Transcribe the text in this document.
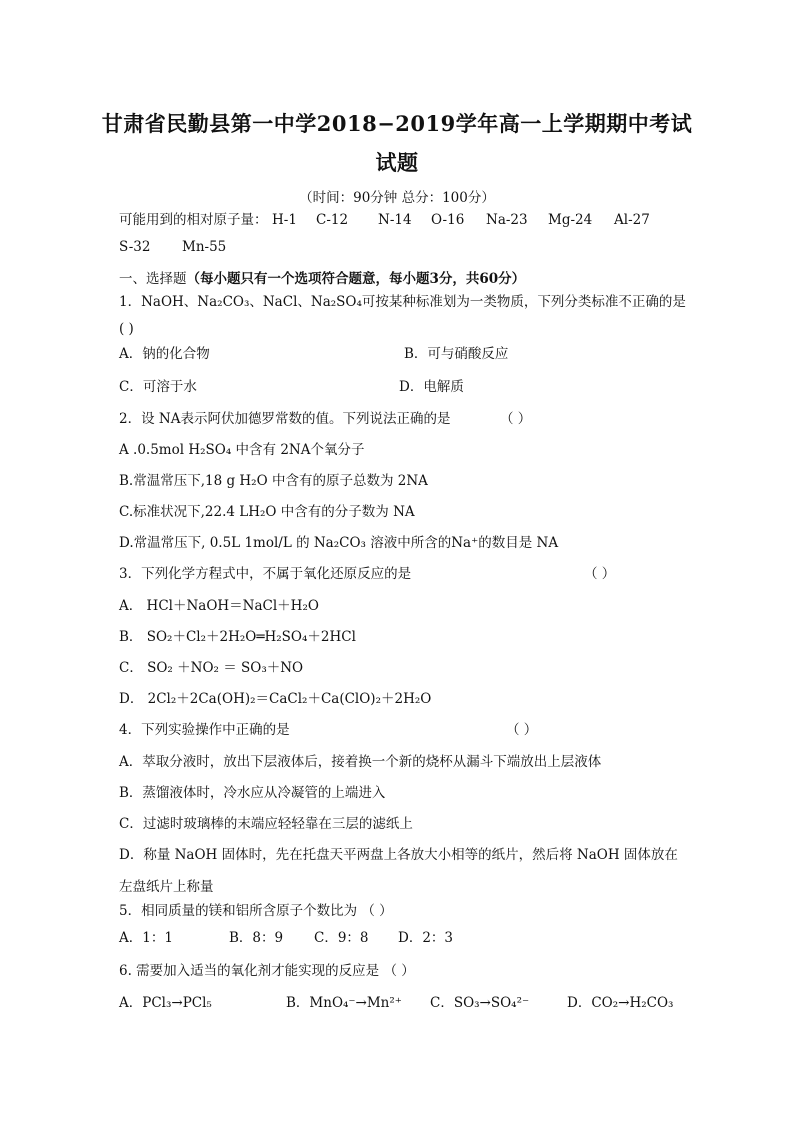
甘肃省民勤县第一中学2018−2019学年高一上学期期中考试
试题
（时间：90分钟 总分：100分）
可能用到的相对原子量： H-1 C-12 N-14 O-16 Na-23 Mg-24 Al-27
S-32 Mn-55
一、选择题（每小题只有一个选项符合题意，每小题3分，共60分）
1．NaOH、Na₂CO₃、NaCl、Na₂SO₄可按某种标准划为一类物质，下列分类标准不正确的是
( )
A．钠的化合物	B．可与硝酸反应
C．可溶于水	D．电解质
2．设 NA表示阿伏加德罗常数的值。下列说法正确的是	（ ）
A .0.5mol H₂SO₄ 中含有 2NA个氧分子
B.常温常压下,18 g H₂O 中含有的原子总数为 2NA
C.标准状况下,22.4 LH₂O 中含有的分子数为 NA
D.常温常压下, 0.5L 1mol/L 的 Na₂CO₃ 溶液中所含的Na⁺的数目是 NA
3．下列化学方程式中，不属于氧化还原反应的是	（ ）
A． HCl＋NaOH＝NaCl＋H₂O
B． SO₂＋Cl₂＋2H₂O═H₂SO₄＋2HCl
C． SO₂ ＋NO₂ ＝ SO₃＋NO
D． 2Cl₂＋2Ca(OH)₂＝CaCl₂＋Ca(ClO)₂＋2H₂O
4．下列实验操作中正确的是	（ ）
A．萃取分液时，放出下层液体后，接着换一个新的烧杯从漏斗下端放出上层液体
B．蒸馏液体时，冷水应从冷凝管的上端进入
C．过滤时玻璃棒的末端应轻轻靠在三层的滤纸上
D．称量 NaOH 固体时，先在托盘天平两盘上各放大小相等的纸片，然后将 NaOH 固体放在
左盘纸片上称量
5．相同质量的镁和铝所含原子个数比为 （ ）
A．1：1	B．8：9 C．9：8 D．2：3
6. 需要加入适当的氧化剂才能实现的反应是 （ ）
A．PCl₃→PCl₅	B．MnO₄⁻→Mn²⁺ C．SO₃→SO₄²⁻	D．CO₂→H₂CO₃
